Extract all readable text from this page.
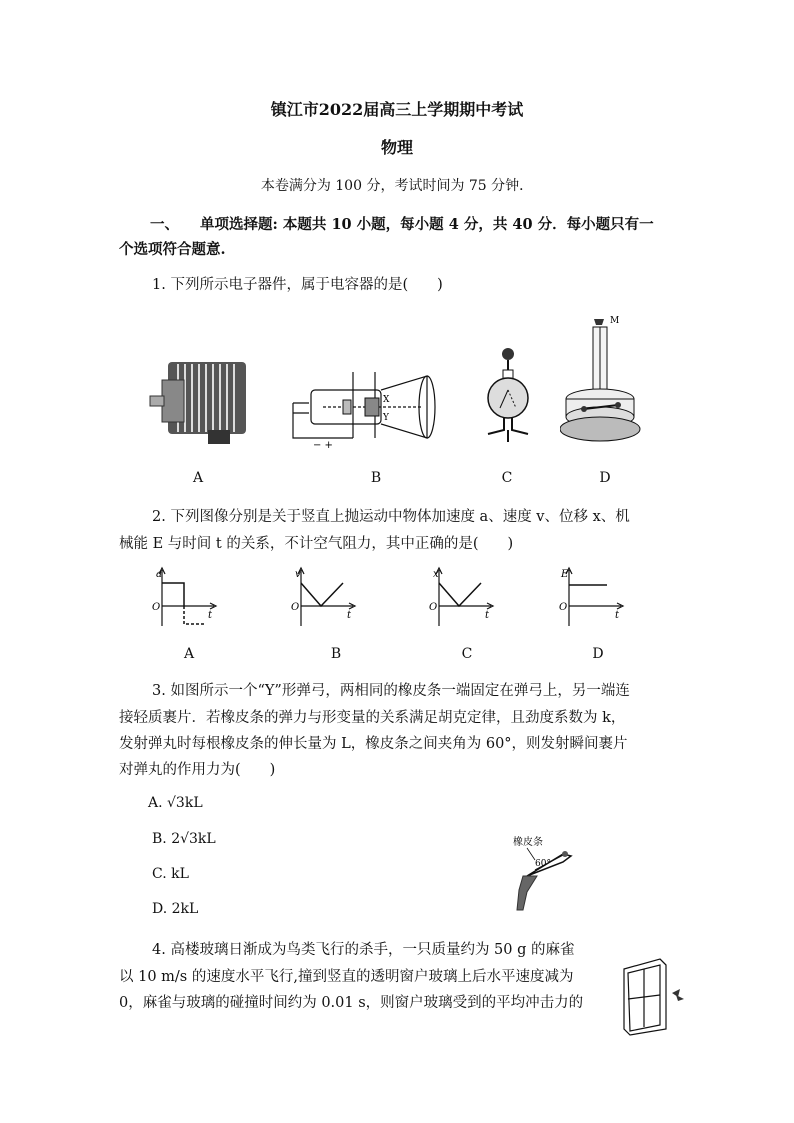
镇江市2022届高三上学期期中考试
物理
本卷满分为 100 分，考试时间为 75 分钟．
一、 单项选择题: 本题共 10 小题，每小题 4 分，共 40 分．每小题只有一
个选项符合题意.
1. 下列所示电子器件，属于电容器的是(　　)
X
Y
− +
M
A	B	C	D
2. 下列图像分别是关于竖直上抛运动中物体加速度 a、速度 v、位移 x、机
械能 E 与时间 t 的关系，不计空气阻力，其中正确的是(　　)
a
O
t
v
O
t
x
O
t
E
O
t
A	B	C	D
3. 如图所示一个“Y”形弹弓，两相同的橡皮条一端固定在弹弓上，另一端连
接轻质裹片．若橡皮条的弹力与形变量的关系满足胡克定律，且劲度系数为 k，
发射弹丸时每根橡皮条的伸长量为 L，橡皮条之间夹角为 60°，则发射瞬间裹片
对弹丸的作用力为(　　)
A. √3kL
B. 2√3kL
C. kL
D. 2kL
橡皮条
60°
4. 高楼玻璃日渐成为鸟类飞行的杀手，一只质量约为 50 g 的麻雀
以 10 m/s 的速度水平飞行,撞到竖直的透明窗户玻璃上后水平速度减为
0，麻雀与玻璃的碰撞时间约为 0.01 s，则窗户玻璃受到的平均冲击力的
